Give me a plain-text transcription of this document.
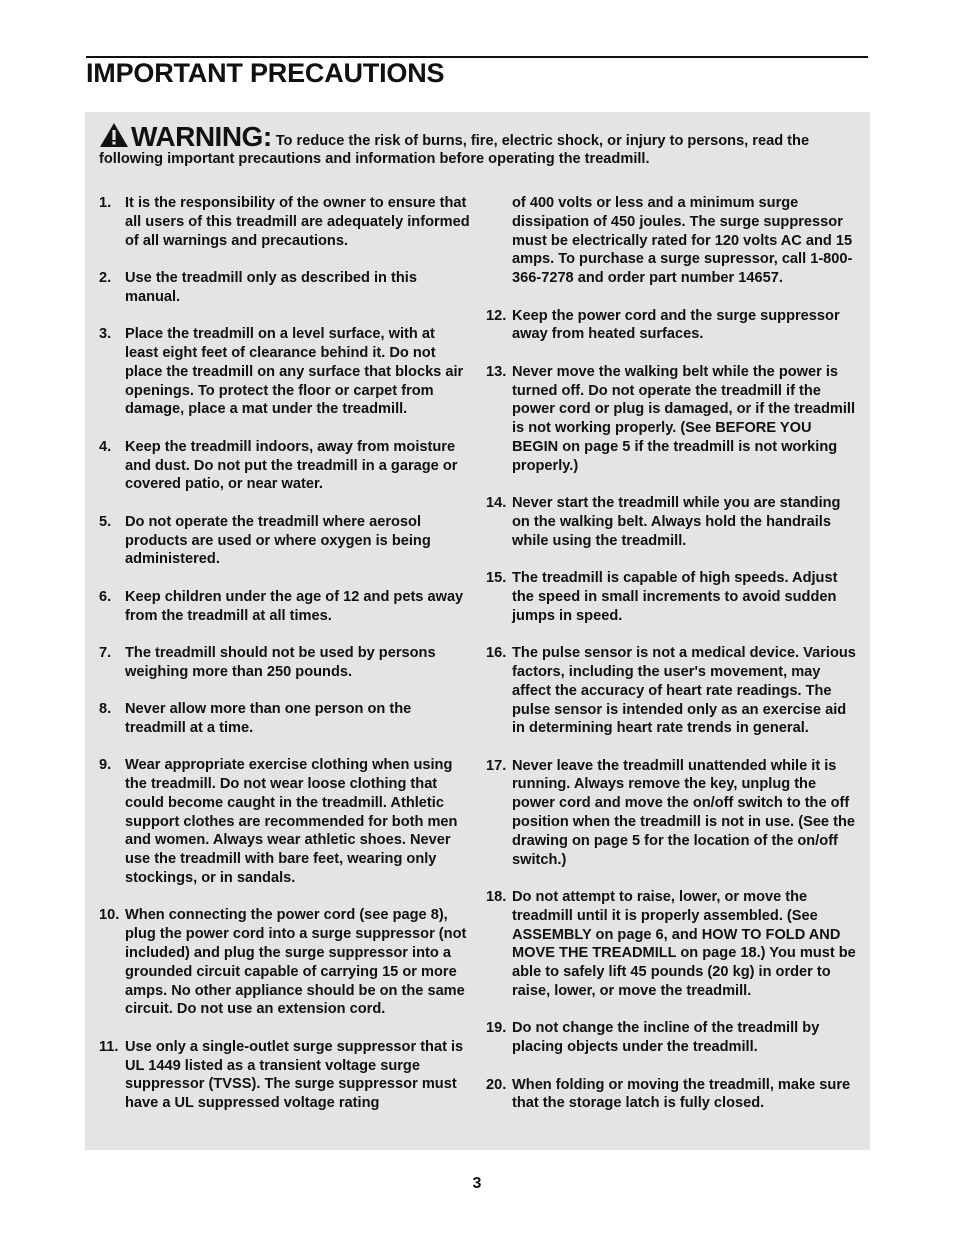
IMPORTANT PRECAUTIONS
WARNING: To reduce the risk of burns, fire, electric shock, or injury to persons, read the following important precautions and information before operating the treadmill.
1. It is the responsibility of the owner to ensure that all users of this treadmill are adequately informed of all warnings and precautions.
2. Use the treadmill only as described in this manual.
3. Place the treadmill on a level surface, with at least eight feet of clearance behind it. Do not place the treadmill on any surface that blocks air openings. To protect the floor or carpet from damage, place a mat under the treadmill.
4. Keep the treadmill indoors, away from moisture and dust. Do not put the treadmill in a garage or covered patio, or near water.
5. Do not operate the treadmill where aerosol products are used or where oxygen is being administered.
6. Keep children under the age of 12 and pets away from the treadmill at all times.
7. The treadmill should not be used by persons weighing more than 250 pounds.
8. Never allow more than one person on the treadmill at a time.
9. Wear appropriate exercise clothing when using the treadmill. Do not wear loose clothing that could become caught in the treadmill. Athletic support clothes are recommended for both men and women. Always wear athletic shoes. Never use the treadmill with bare feet, wearing only stockings, or in sandals.
10. When connecting the power cord (see page 8), plug the power cord into a surge suppressor (not included) and plug the surge suppressor into a grounded circuit capable of carrying 15 or more amps. No other appliance should be on the same circuit. Do not use an extension cord.
11. Use only a single-outlet surge suppressor that is UL 1449 listed as a transient voltage surge suppressor (TVSS). The surge suppressor must have a UL suppressed voltage rating
of 400 volts or less and a minimum surge dissipation of 450 joules. The surge suppressor must be electrically rated for 120 volts AC and 15 amps. To purchase a surge supressor, call 1-800-366-7278 and order part number 14657.
12. Keep the power cord and the surge suppressor away from heated surfaces.
13. Never move the walking belt while the power is turned off. Do not operate the treadmill if the power cord or plug is damaged, or if the treadmill is not working properly. (See BEFORE YOU BEGIN on page 5 if the treadmill is not working properly.)
14. Never start the treadmill while you are standing on the walking belt. Always hold the handrails while using the treadmill.
15. The treadmill is capable of high speeds. Adjust the speed in small increments to avoid sudden jumps in speed.
16. The pulse sensor is not a medical device. Various factors, including the user's movement, may affect the accuracy of heart rate readings. The pulse sensor is intended only as an exercise aid in determining heart rate trends in general.
17. Never leave the treadmill unattended while it is running. Always remove the key, unplug the power cord and move the on/off switch to the off position when the treadmill is not in use. (See the drawing on page 5 for the location of the on/off switch.)
18. Do not attempt to raise, lower, or move the treadmill until it is properly assembled. (See ASSEMBLY on page 6, and HOW TO FOLD AND MOVE THE TREADMILL on page 18.) You must be able to safely lift 45 pounds (20 kg) in order to raise, lower, or move the treadmill.
19. Do not change the incline of the treadmill by placing objects under the treadmill.
20. When folding or moving the treadmill, make sure that the storage latch is fully closed.
3
